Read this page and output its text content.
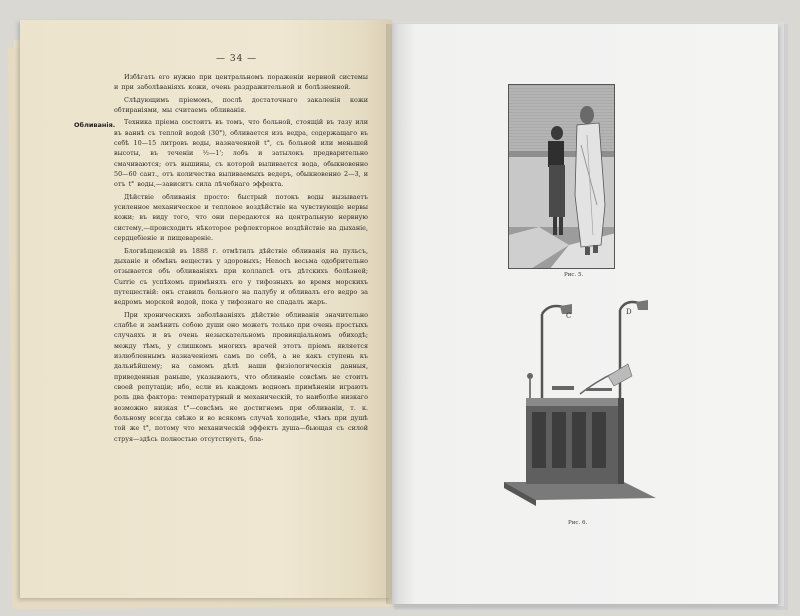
— 34 —
Обливанія.

Избѣгать его нужно при центральномъ пораженіи нервной системы и при заболѣваніяхъ кожи, очень раздражительной и болѣзненной.

Слѣдующимъ пріемомъ, послѣ достаточнаго закаленія кожи обтираніями, мы считаемъ обливанія.

Техника пріема состоитъ въ томъ, что больной, стоящій въ тазу или въ ваннѣ съ теплой водой (30°), обливается изъ ведра, содержащаго въ себѣ 10—15 литровъ воды, назначенной t°, съ больной или меньшей высоты, въ теченіи ½—1'; лобъ и затылокъ предварительно смачиваются; отъ вышины, съ которой выливается вода, обыкновенно 50—60 сант., отъ количества выливаемыхъ ведеръ, обыкновенно 2—3, и отъ t° воды,—зависитъ сила лѣчебнаго эффекта.

Дѣйствіе обливанія просто: быстрый потокъ воды вызываетъ усиленное механическое и тепловое воздѣйствіе на чувствующіе нервы кожи; въ виду того, что они передаются на центральную нервную систему,—происходитъ нѣкоторое рефлекторное воздѣйствіе на дыханіе, сердцебіеніе и пищевареніе.

Блогвѣщенскій въ 1888 г. отмѣтилъ дѣйствіе обливанія на пульсъ, дыханіе и обмѣнъ веществъ у здоровыхъ; Henoch весьма одобрительно отзывается объ обливаніяхъ при коллапсѣ отъ дѣтскихъ болѣзней; Currie съ успѣхомъ примѣнялъ его у тифозныхъ во время морскихъ путешествій: онъ ставилъ больного на палубу и обливалъ его ведро за ведромъ морской водой, пока у тифознаго не спадалъ жаръ.

При хроническихъ заболѣваніяхъ дѣйствіе обливанія значительно слабѣе и замѣнить собою души оно можетъ только при очень простыхъ случаяхъ и въ очень незыскательномъ провинціальномъ обиходѣ; между тѣмъ, у слишкомъ многихъ врачей этотъ пріемъ является излюбленнымъ назначеніемъ самъ по себѣ, а не какъ ступень къ дальнѣйшему; на самомъ дѣлѣ наши физіологическія данныя, приведенныя раньше, указываютъ, что обливаніе совсѣмъ не стоитъ своей репутаціи; ибо, если въ каждомъ водномъ примѣненіи играютъ роль два фактора: температурный и механическій, то наиболѣе низкаго возможно низкая t°—совсѣмъ не достигнемъ при обливаніи, т. к. больному всегда свѣжо и во всякомъ случаѣ холоднѣе, чѣмъ при душѣ той же t°, потому что механическій эффектъ душа—бьющая съ силой струя—здѣсь полностью отсутствуетъ, бла-

Рис. 5.
C	D
Рис. 6.
